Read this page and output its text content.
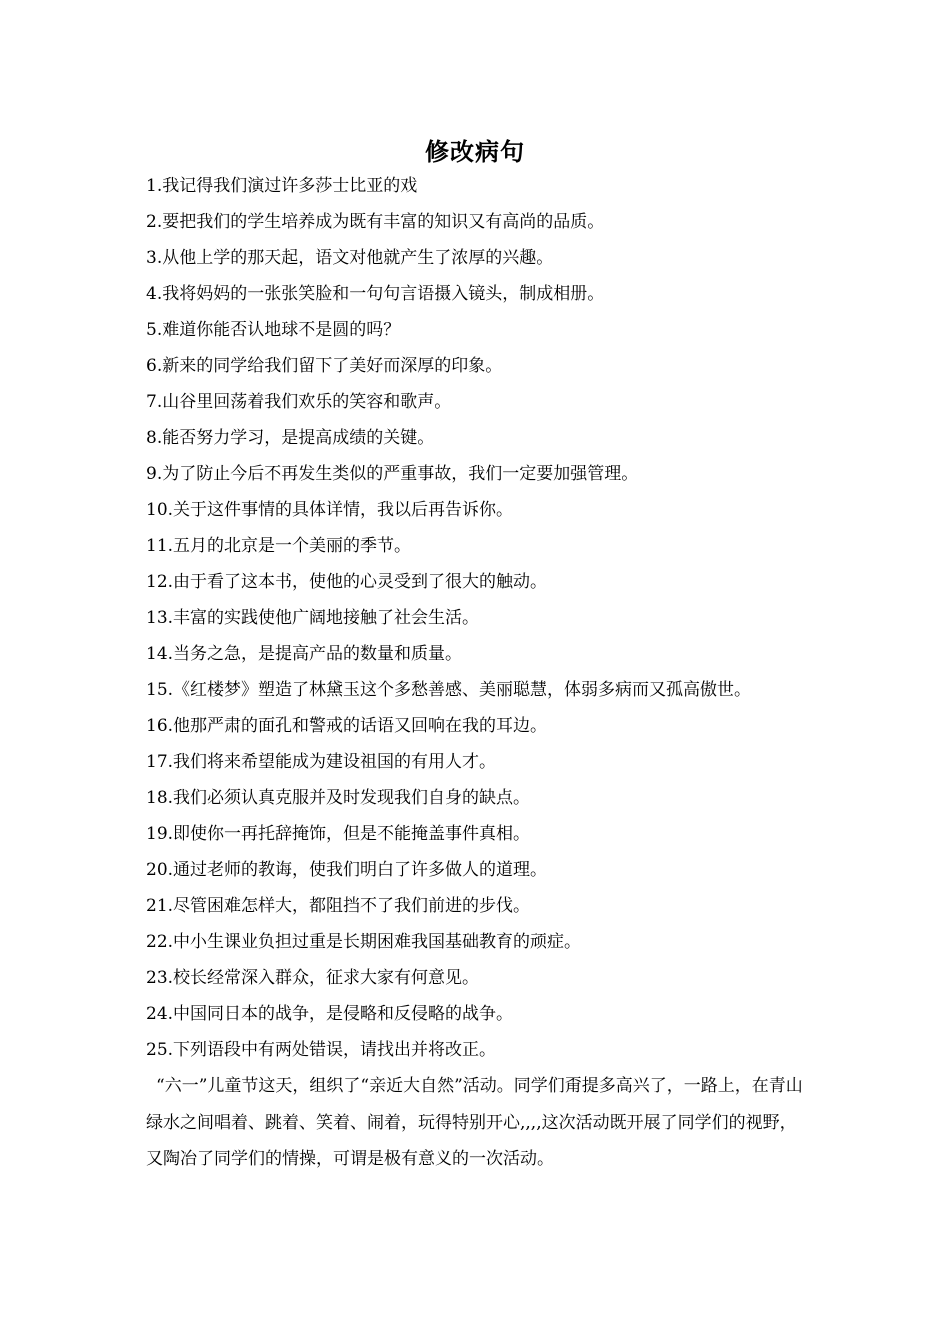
修改病句

1.我记得我们演过许多莎士比亚的戏

2.要把我们的学生培养成为既有丰富的知识又有高尚的品质。

3.从他上学的那天起，语文对他就产生了浓厚的兴趣。

4.我将妈妈的一张张笑脸和一句句言语摄入镜头，制成相册。

5.难道你能否认地球不是圆的吗？

6.新来的同学给我们留下了美好而深厚的印象。

7.山谷里回荡着我们欢乐的笑容和歌声。

8.能否努力学习，是提高成绩的关键。

9.为了防止今后不再发生类似的严重事故，我们一定要加强管理。

10.关于这件事情的具体详情，我以后再告诉你。

11.五月的北京是一个美丽的季节。

12.由于看了这本书，使他的心灵受到了很大的触动。

13.丰富的实践使他广阔地接触了社会生活。

14.当务之急，是提高产品的数量和质量。

15.《红楼梦》塑造了林黛玉这个多愁善感、美丽聪慧，体弱多病而又孤高傲世。

16.他那严肃的面孔和警戒的话语又回响在我的耳边。

17.我们将来希望能成为建设祖国的有用人才。

18.我们必须认真克服并及时发现我们自身的缺点。

19.即使你一再托辞掩饰，但是不能掩盖事件真相。

20.通过老师的教诲，使我们明白了许多做人的道理。

21.尽管困难怎样大，都阻挡不了我们前进的步伐。

22.中小生课业负担过重是长期困难我国基础教育的顽症。

23.校长经常深入群众，征求大家有何意见。

24.中国同日本的战争，是侵略和反侵略的战争。

25.下列语段中有两处错误，请找出并将改正。

“六一”儿童节这天，组织了“亲近大自然”活动。同学们甭提多高兴了，一路上，在青山绿水之间唱着、跳着、笑着、闹着，玩得特别开心,,,,这次活动既开展了同学们的视野，又陶冶了同学们的情操，可谓是极有意义的一次活动。
